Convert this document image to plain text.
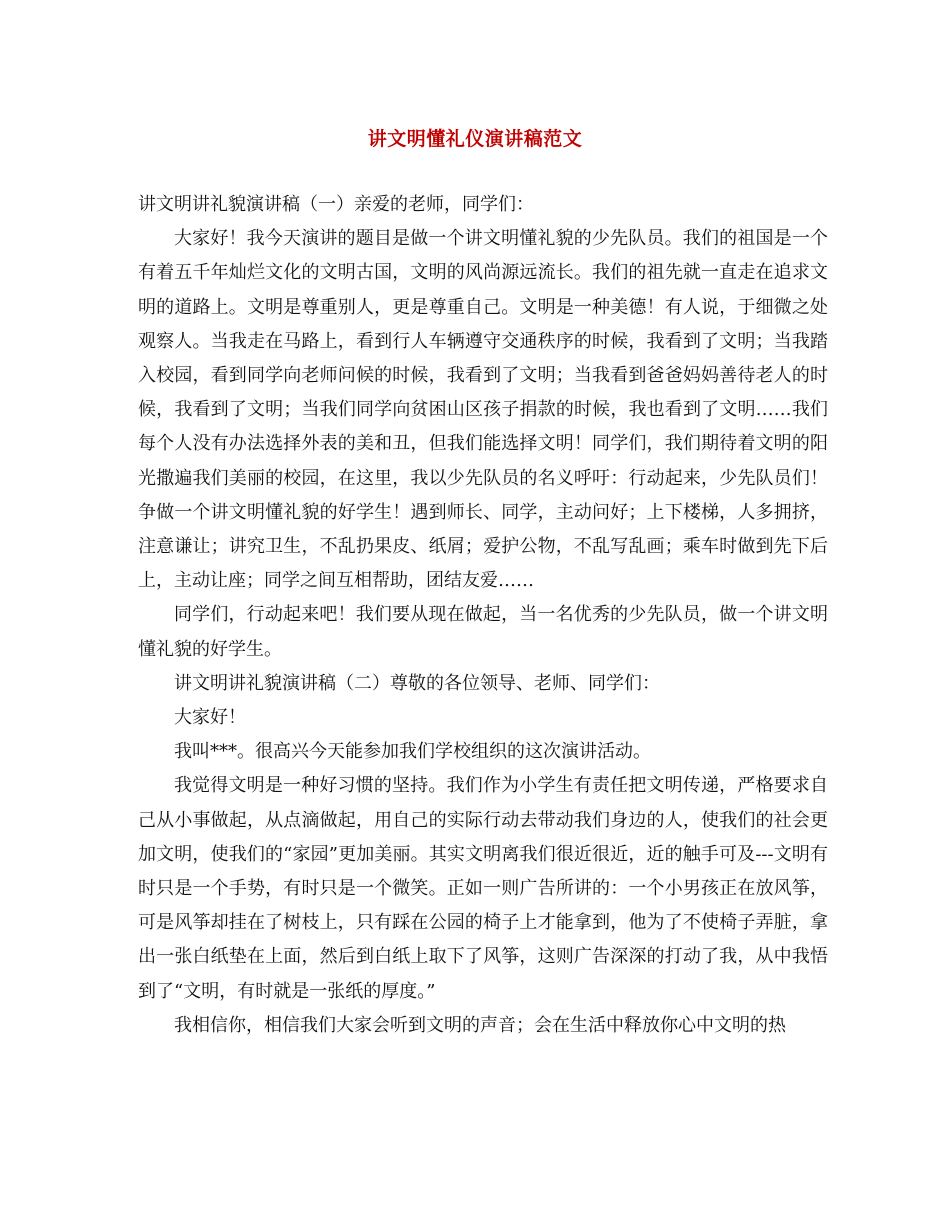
讲文明懂礼仪演讲稿范文

讲文明讲礼貌演讲稿（一）亲爱的老师，同学们：

大家好！我今天演讲的题目是做一个讲文明懂礼貌的少先队员。我们的祖国是一个有着五千年灿烂文化的文明古国，文明的风尚源远流长。我们的祖先就一直走在追求文明的道路上。文明是尊重别人，更是尊重自己。文明是一种美德！有人说，于细微之处观察人。当我走在马路上，看到行人车辆遵守交通秩序的时候，我看到了文明；当我踏入校园，看到同学向老师问候的时候，我看到了文明；当我看到爸爸妈妈善待老人的时候，我看到了文明；当我们同学向贫困山区孩子捐款的时候，我也看到了文明……我们每个人没有办法选择外表的美和丑，但我们能选择文明！同学们，我们期待着文明的阳光撒遍我们美丽的校园，在这里，我以少先队员的名义呼吁：行动起来，少先队员们！争做一个讲文明懂礼貌的好学生！遇到师长、同学，主动问好；上下楼梯，人多拥挤，注意谦让；讲究卫生，不乱扔果皮、纸屑；爱护公物，不乱写乱画；乘车时做到先下后上，主动让座；同学之间互相帮助，团结友爱……

同学们，行动起来吧！我们要从现在做起，当一名优秀的少先队员，做一个讲文明懂礼貌的好学生。

讲文明讲礼貌演讲稿（二）尊敬的各位领导、老师、同学们：

大家好！

我叫***。很高兴今天能参加我们学校组织的这次演讲活动。

我觉得文明是一种好习惯的坚持。我们作为小学生有责任把文明传递，严格要求自己从小事做起，从点滴做起，用自己的实际行动去带动我们身边的人，使我们的社会更加文明，使我们的“家园”更加美丽。其实文明离我们很近很近，近的触手可及---文明有时只是一个手势，有时只是一个微笑。正如一则广告所讲的：一个小男孩正在放风筝，可是风筝却挂在了树枝上，只有踩在公园的椅子上才能拿到，他为了不使椅子弄脏，拿出一张白纸垫在上面，然后到白纸上取下了风筝，这则广告深深的打动了我，从中我悟到了“文明，有时就是一张纸的厚度。”

我相信你，相信我们大家会听到文明的声音；会在生活中释放你心中文明的热
